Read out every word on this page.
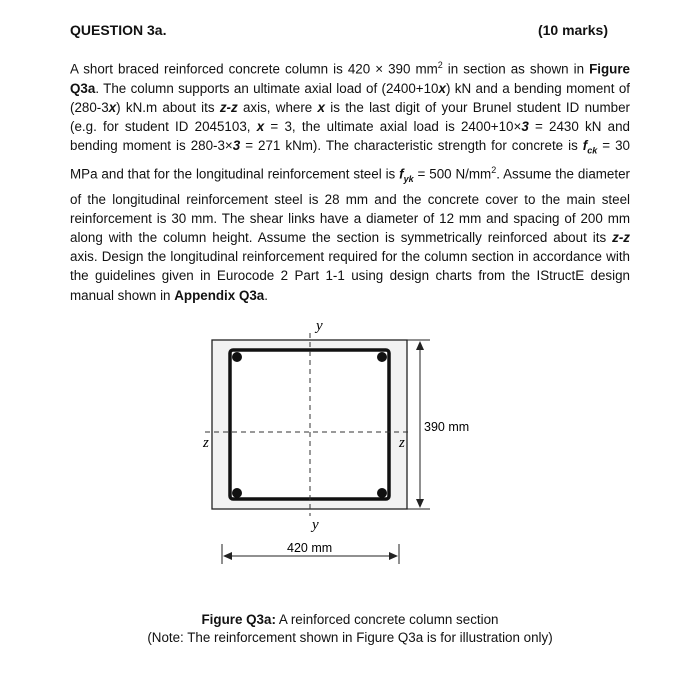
QUESTION 3a.	(10 marks)

A short braced reinforced concrete column is 420 × 390 $mm^2$ in section as shown in Figure Q3a. The column supports an ultimate axial load of (2400+10x) kN and a bending moment of (280-3x) kN.m about its z-z axis, where x is the last digit of your Brunel student ID number (e.g. for student ID 2045103, x = 3, the ultimate axial load is 2400+10×3 = 2430 kN and bending moment is 280-3×3 = 271 kNm). The characteristic strength for concrete is $f_{ck} = 30$ MPa and that for the longitudinal reinforcement steel is $f_{yk} = 500$ $N/mm^2$. Assume the diameter of the longitudinal reinforcement steel is 28 mm and the concrete cover to the main steel reinforcement is 30 mm. The shear links have a diameter of 12 mm and spacing of 200 mm along with the column height. Assume the section is symmetrically reinforced about its z-z axis. Design the longitudinal reinforcement required for the column section in accordance with the guidelines given in Eurocode 2 Part 1-1 using design charts from the IStructE design manual shown in Appendix Q3a.

y
y
z	z
390 mm
420 mm
Figure Q3a: A reinforced concrete column section
(Note: The reinforcement shown in Figure Q3a is for illustration only)
